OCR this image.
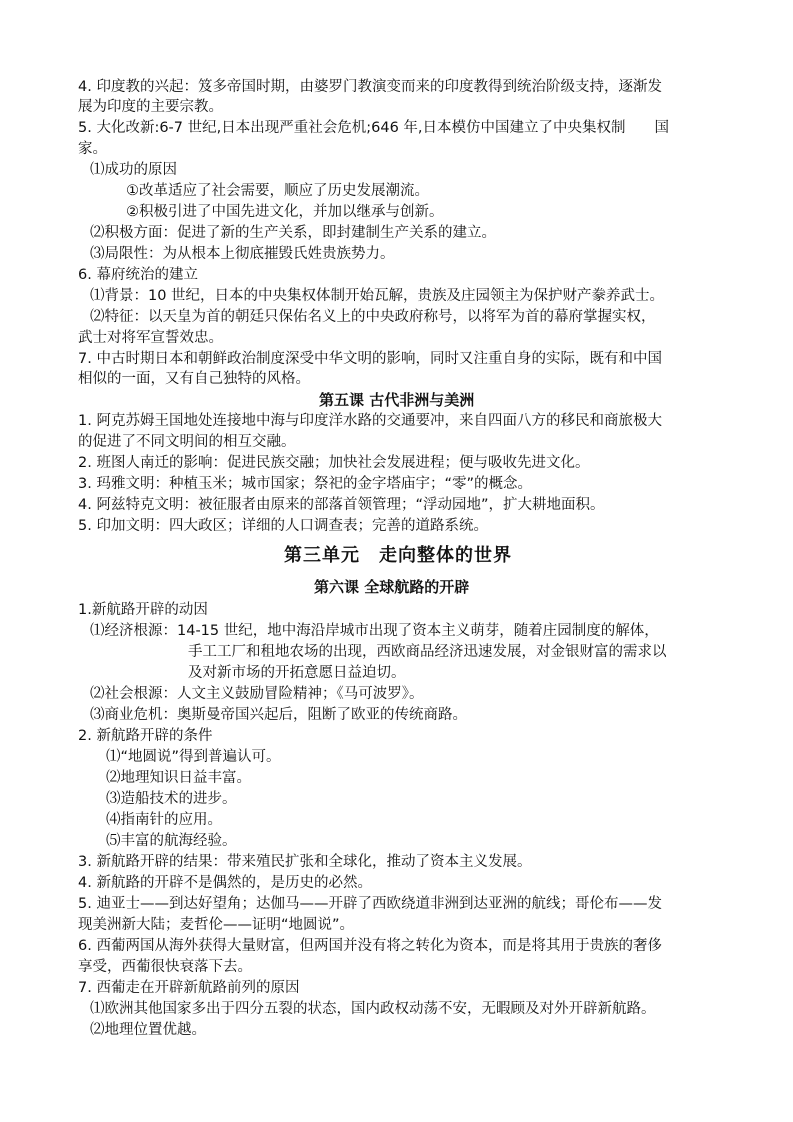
4. 印度教的兴起：笈多帝国时期，由婆罗门教演变而来的印度教得到统治阶级支持，逐渐发
展为印度的主要宗教。
5. 大化改新:6-7 世纪,日本出现严重社会危机;646 年,日本模仿中国建立了中央集权制　　国
家。
⑴成功的原因
①改革适应了社会需要，顺应了历史发展潮流。
②积极引进了中国先进文化，并加以继承与创新。
⑵积极方面：促进了新的生产关系，即封建制生产关系的建立。
⑶局限性：为从根本上彻底摧毁氏姓贵族势力。
6. 幕府统治的建立
⑴背景：10 世纪，日本的中央集权体制开始瓦解，贵族及庄园领主为保护财产豢养武士。
⑵特征：以天皇为首的朝廷只保佑名义上的中央政府称号，以将军为首的幕府掌握实权，
武士对将军宣誓效忠。
7. 中古时期日本和朝鲜政治制度深受中华文明的影响，同时又注重自身的实际，既有和中国
相似的一面，又有自己独特的风格。
第五课 古代非洲与美洲
1. 阿克苏姆王国地处连接地中海与印度洋水路的交通要冲，来自四面八方的移民和商旅极大
的促进了不同文明间的相互交融。
2. 班图人南迁的影响：促进民族交融；加快社会发展进程；便与吸收先进文化。
3. 玛雅文明：种植玉米；城市国家；祭祀的金字塔庙宇；“零”的概念。
4. 阿兹特克文明：被征服者由原来的部落首领管理；“浮动园地”，扩大耕地面积。
5. 印加文明：四大政区；详细的人口调查表；完善的道路系统。
第三单元　走向整体的世界
第六课 全球航路的开辟
1.新航路开辟的动因
⑴经济根源：14-15 世纪，地中海沿岸城市出现了资本主义萌芽，随着庄园制度的解体，
手工工厂和租地农场的出现，西欧商品经济迅速发展，对金银财富的需求以
及对新市场的开拓意愿日益迫切。
⑵社会根源：人文主义鼓励冒险精神；《马可波罗》。
⑶商业危机：奥斯曼帝国兴起后，阻断了欧亚的传统商路。
2. 新航路开辟的条件
⑴“地圆说”得到普遍认可。
⑵地理知识日益丰富。
⑶造船技术的进步。
⑷指南针的应用。
⑸丰富的航海经验。
3. 新航路开辟的结果：带来殖民扩张和全球化，推动了资本主义发展。
4. 新航路的开辟不是偶然的，是历史的必然。
5. 迪亚士——到达好望角；达伽马——开辟了西欧绕道非洲到达亚洲的航线；哥伦布——发
现美洲新大陆；麦哲伦——证明“地圆说”。
6. 西葡两国从海外获得大量财富，但两国并没有将之转化为资本，而是将其用于贵族的奢侈
享受，西葡很快衰落下去。
7. 西葡走在开辟新航路前列的原因
⑴欧洲其他国家多出于四分五裂的状态，国内政权动荡不安，无暇顾及对外开辟新航路。
⑵地理位置优越。
